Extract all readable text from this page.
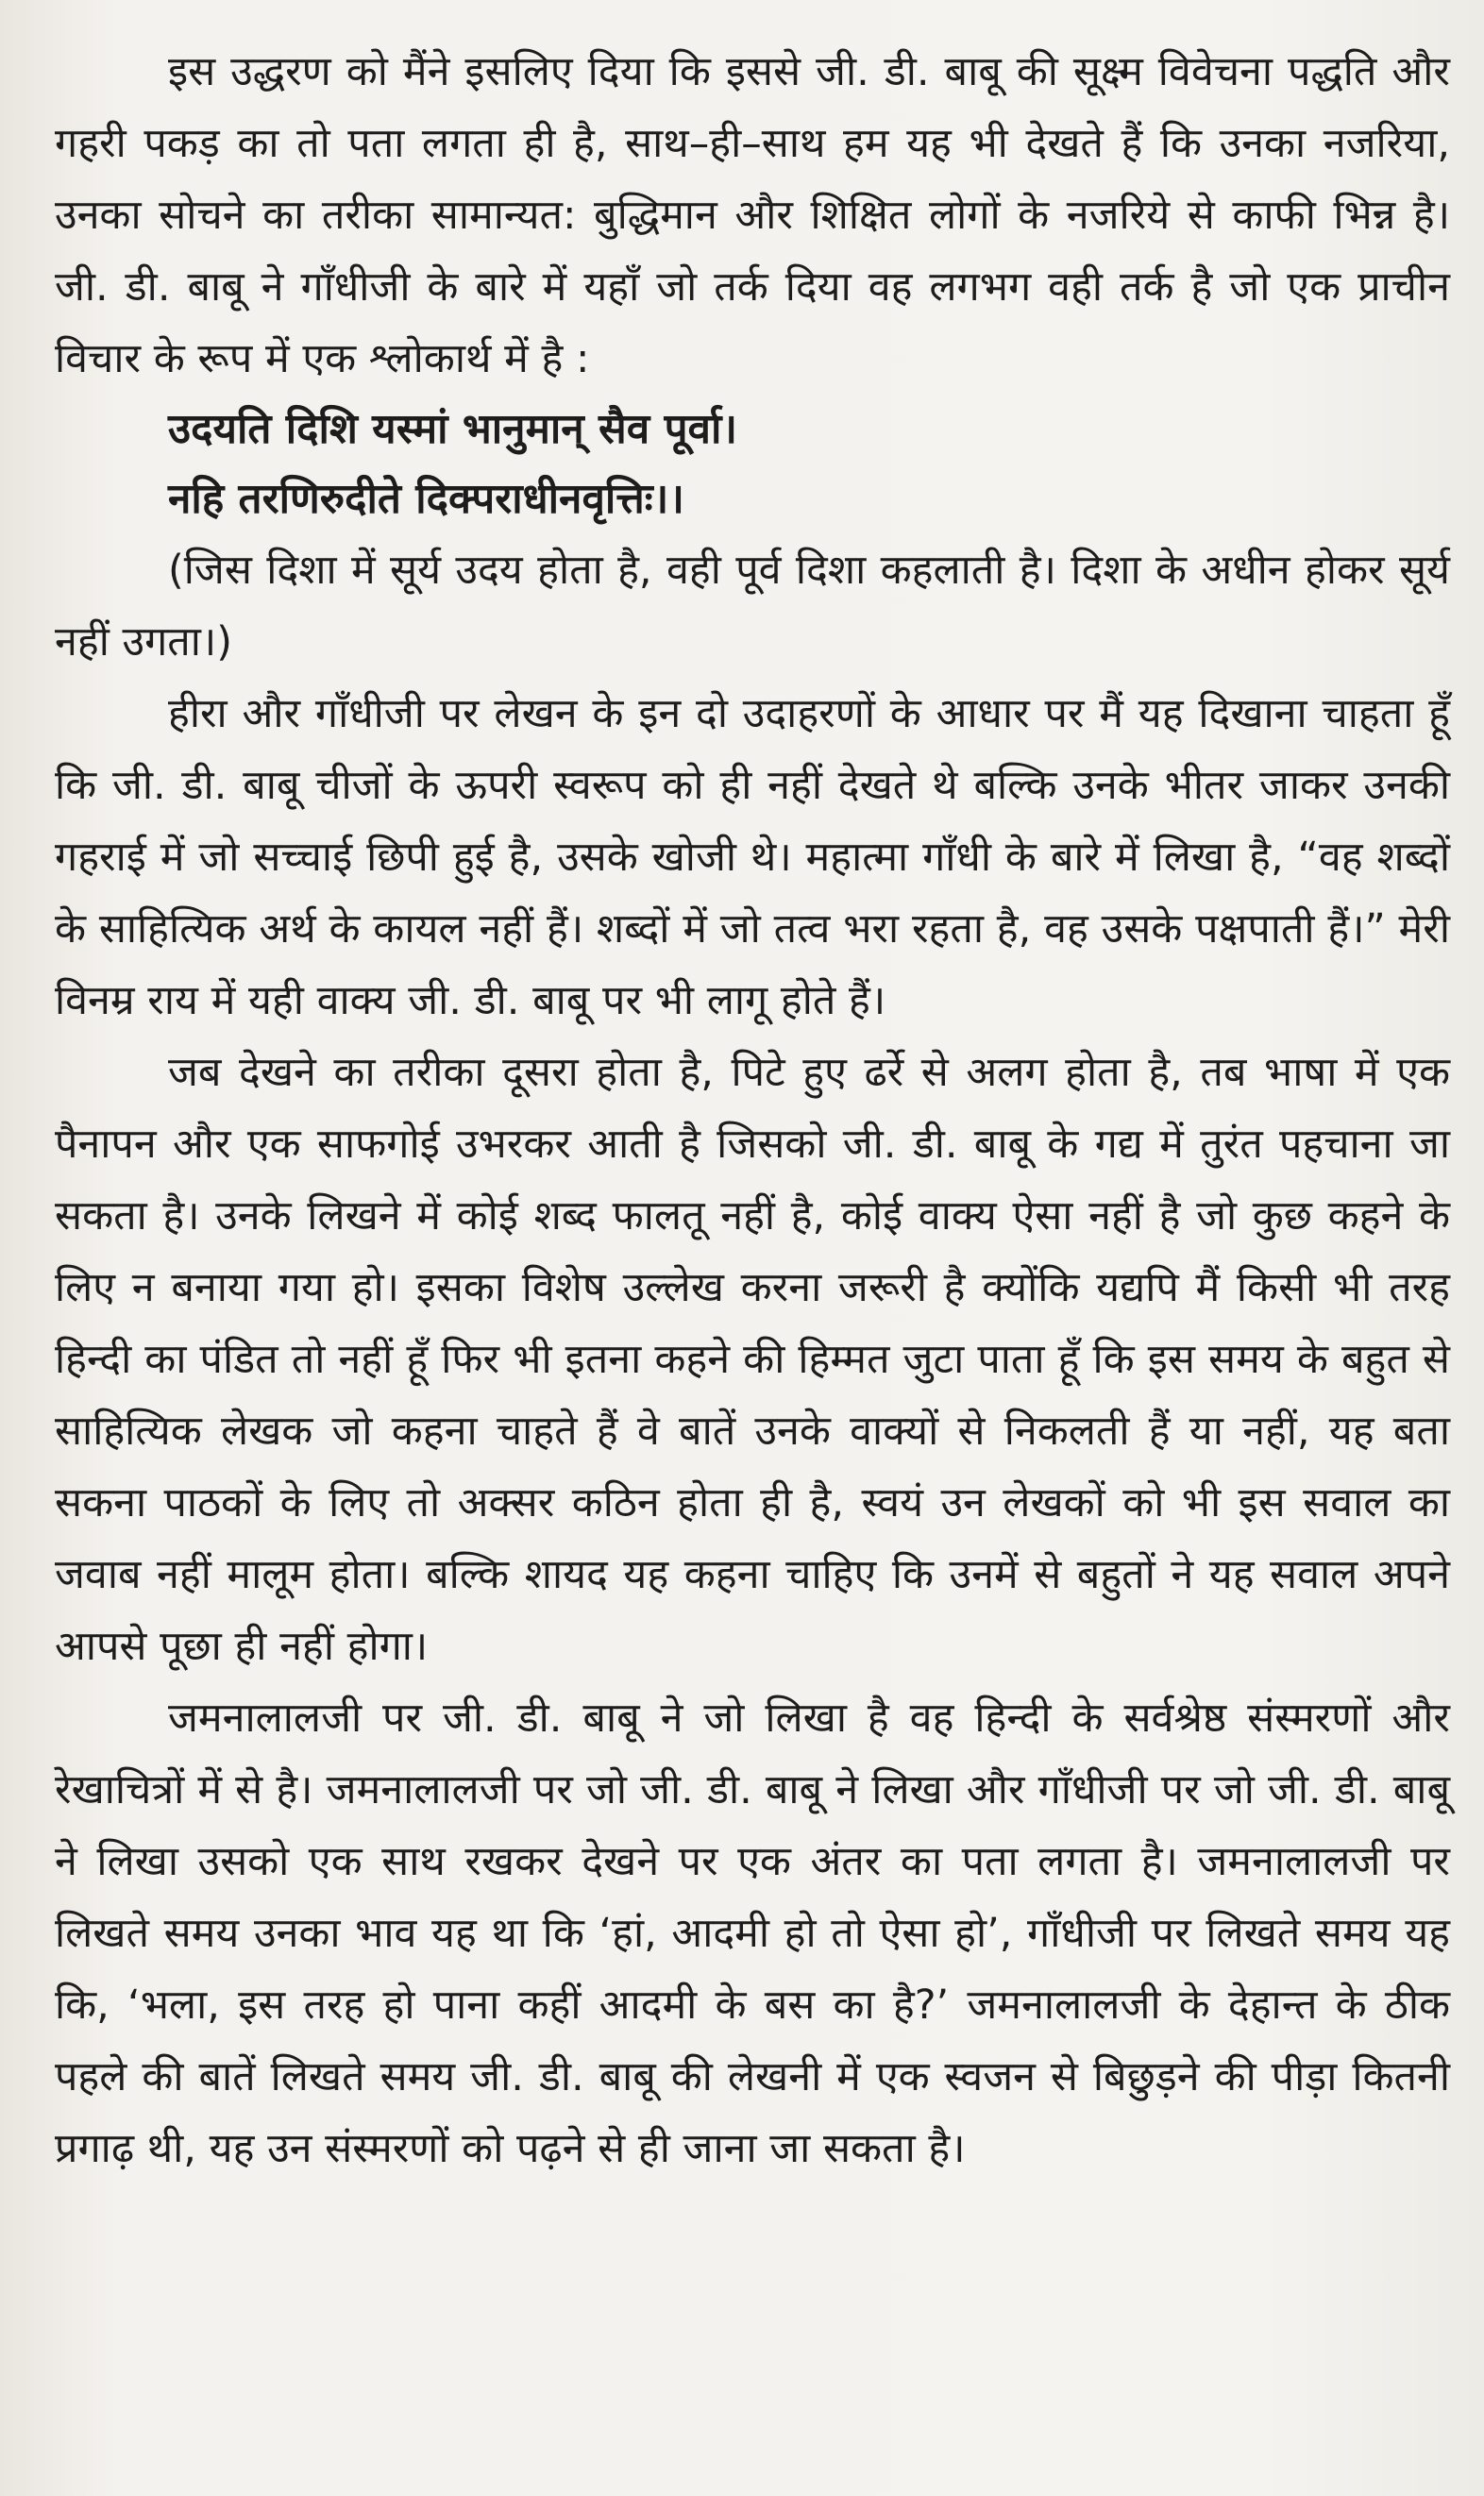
इस उद्धरण को मैंने इसलिए दिया कि इससे जी. डी. बाबू की सूक्ष्म विवेचना पद्धति और गहरी पकड़ का तो पता लगता ही है, साथ–ही–साथ हम यह भी देखते हैं कि उनका नजरिया, उनका सोचने का तरीका सामान्यत: बुद्धिमान और शिक्षित लोगों के नजरिये से काफी भिन्न है। जी. डी. बाबू ने गाँधीजी के बारे में यहाँ जो तर्क दिया वह लगभग वही तर्क है जो एक प्राचीन विचार के रूप में एक श्लोकार्थ में है :

उदयति दिशि यस्मां भानुमान् सैव पूर्वा।

नहि तरणिरुदीते दिक्पराधीनवृत्तिः।।

(जिस दिशा में सूर्य उदय होता है, वही पूर्व दिशा कहलाती है। दिशा के अधीन होकर सूर्य नहीं उगता।)

हीरा और गाँधीजी पर लेखन के इन दो उदाहरणों के आधार पर मैं यह दिखाना चाहता हूँ कि जी. डी. बाबू चीजों के ऊपरी स्वरूप को ही नहीं देखते थे बल्कि उनके भीतर जाकर उनकी गहराई में जो सच्चाई छिपी हुई है, उसके खोजी थे। महात्मा गाँधी के बारे में लिखा है, “वह शब्दों के साहित्यिक अर्थ के कायल नहीं हैं। शब्दों में जो तत्व भरा रहता है, वह उसके पक्षपाती हैं।” मेरी विनम्र राय में यही वाक्य जी. डी. बाबू पर भी लागू होते हैं।

जब देखने का तरीका दूसरा होता है, पिटे हुए ढर्रे से अलग होता है, तब भाषा में एक पैनापन और एक साफगोई उभरकर आती है जिसको जी. डी. बाबू के गद्य में तुरंत पहचाना जा सकता है। उनके लिखने में कोई शब्द फालतू नहीं है, कोई वाक्य ऐसा नहीं है जो कुछ कहने के लिए न बनाया गया हो। इसका विशेष उल्लेख करना जरूरी है क्योंकि यद्यपि मैं किसी भी तरह हिन्दी का पंडित तो नहीं हूँ फिर भी इतना कहने की हिम्मत जुटा पाता हूँ कि इस समय के बहुत से साहित्यिक लेखक जो कहना चाहते हैं वे बातें उनके वाक्यों से निकलती हैं या नहीं, यह बता सकना पाठकों के लिए तो अक्सर कठिन होता ही है, स्वयं उन लेखकों को भी इस सवाल का जवाब नहीं मालूम होता। बल्कि शायद यह कहना चाहिए कि उनमें से बहुतों ने यह सवाल अपने आपसे पूछा ही नहीं होगा।

जमनालालजी पर जी. डी. बाबू ने जो लिखा है वह हिन्दी के सर्वश्रेष्ठ संस्मरणों और रेखाचित्रों में से है। जमनालालजी पर जो जी. डी. बाबू ने लिखा और गाँधीजी पर जो जी. डी. बाबू ने लिखा उसको एक साथ रखकर देखने पर एक अंतर का पता लगता है। जमनालालजी पर लिखते समय उनका भाव यह था कि ‘हां, आदमी हो तो ऐसा हो’, गाँधीजी पर लिखते समय यह कि, ‘भला, इस तरह हो पाना कहीं आदमी के बस का है?’ जमनालालजी के देहान्त के ठीक पहले की बातें लिखते समय जी. डी. बाबू की लेखनी में एक स्वजन से बिछुड़ने की पीड़ा कितनी प्रगाढ़ थी, यह उन संस्मरणों को पढ़ने से ही जाना जा सकता है।
